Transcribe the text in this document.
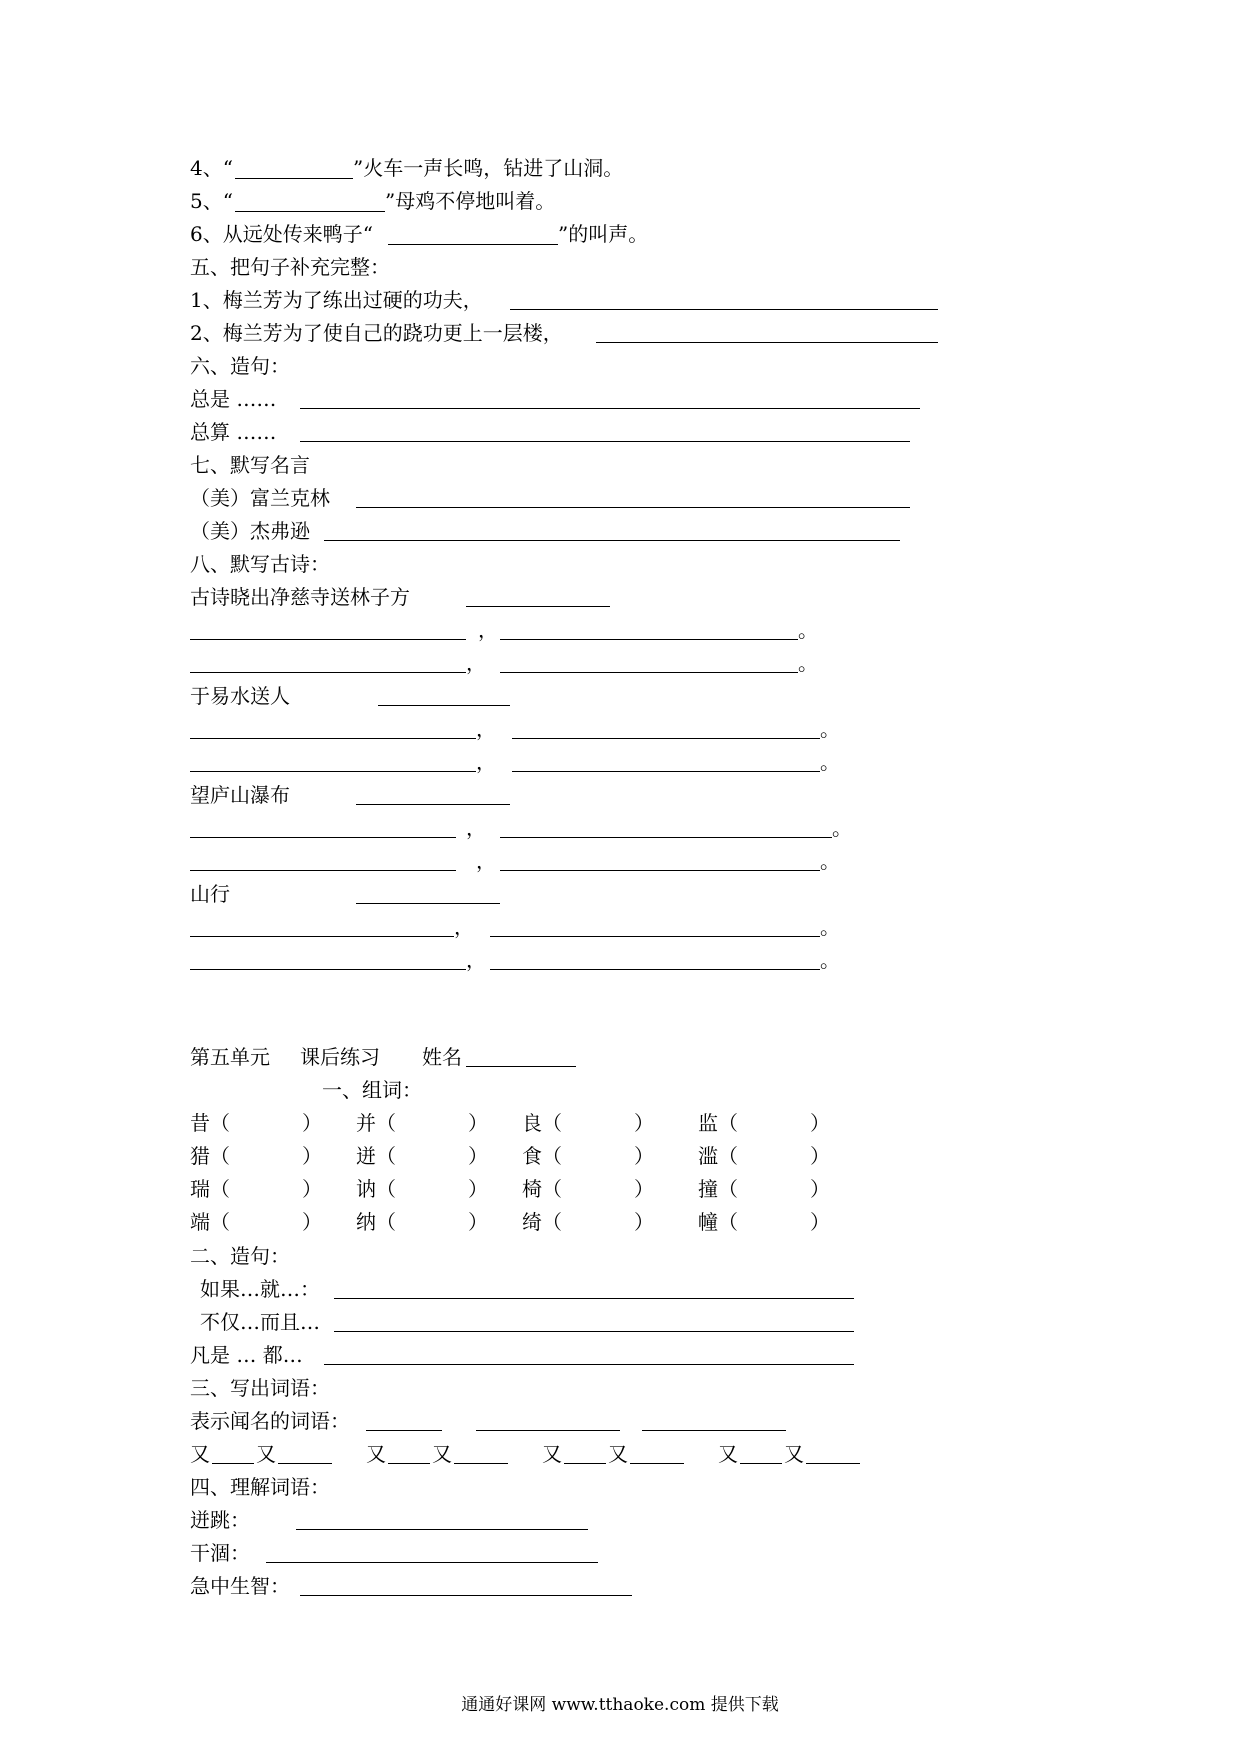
4、“	”火车一声长鸣，钻进了山洞。
5、“	”母鸡不停地叫着。
6、从远处传来鸭子“	”的叫声。
五、把句子补充完整：
1、梅兰芳为了练出过硬的功夫，
2、梅兰芳为了使自己的跷功更上一层楼，
六、造句：
总是 ……
总算 ……
七、默写名言
（美）富兰克林
（美）杰弗逊
八、默写古诗：
古诗晓出净慈寺送林子方
，	。
，	。
于易水送人
，	。
，	。
望庐山瀑布
，	。
，	。
山行
，	。
，	。
第五单元 课后练习 姓名
一、组词：
昔 （	） 并 （	） 良 （	） 监 （	）
猎 （	） 迸 （	） 食 （	） 滥 （	）
瑞 （	） 讷 （	） 椅 （	） 撞 （	）
端 （	） 纳 （	） 绮 （	） 幢 （	）
二、造句：
如果…就…：
不仅…而且…
凡是 … 都…
三、写出词语：
表示闻名的词语：
又 又	又 又	又 又	又 又
四、理解词语：
迸跳：
干涸：
急中生智：
通通好课网 www.tthaoke.com 提供下载
